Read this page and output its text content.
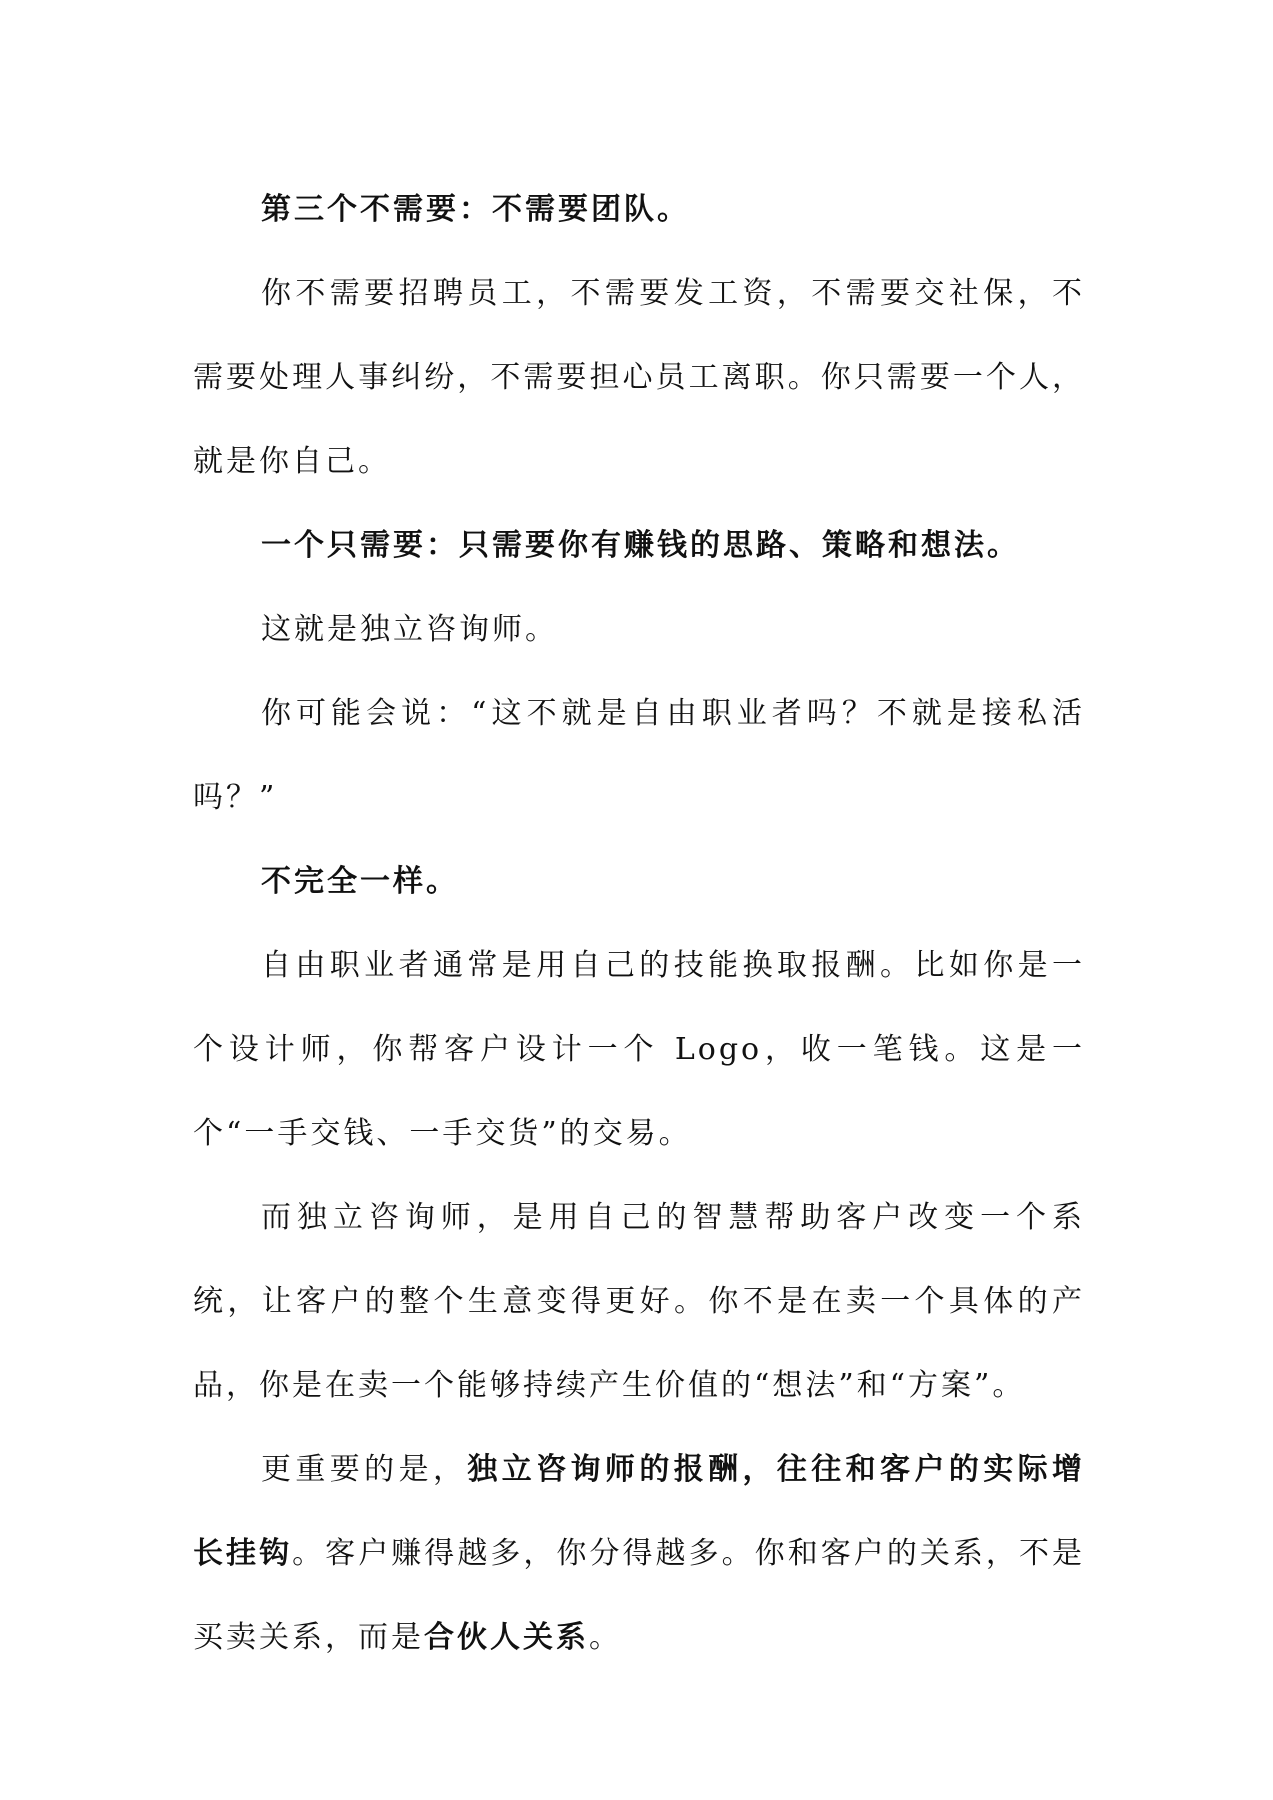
第三个不需要：不需要团队。

你不需要招聘员工，不需要发工资，不需要交社保，不需要处理人事纠纷，不需要担心员工离职。你只需要一个人，就是你自己。

一个只需要：只需要你有赚钱的思路、策略和想法。

这就是独立咨询师。

你可能会说：“这不就是自由职业者吗？不就是接私活吗？”

不完全一样。

自由职业者通常是用自己的技能换取报酬。比如你是一个设计师，你帮客户设计一个 Logo，收一笔钱。这是一个“一手交钱、一手交货”的交易。

而独立咨询师，是用自己的智慧帮助客户改变一个系统，让客户的整个生意变得更好。你不是在卖一个具体的产品，你是在卖一个能够持续产生价值的“想法”和“方案”。

更重要的是，独立咨询师的报酬，往往和客户的实际增长挂钩。客户赚得越多，你分得越多。你和客户的关系，不是买卖关系，而是合伙人关系。
